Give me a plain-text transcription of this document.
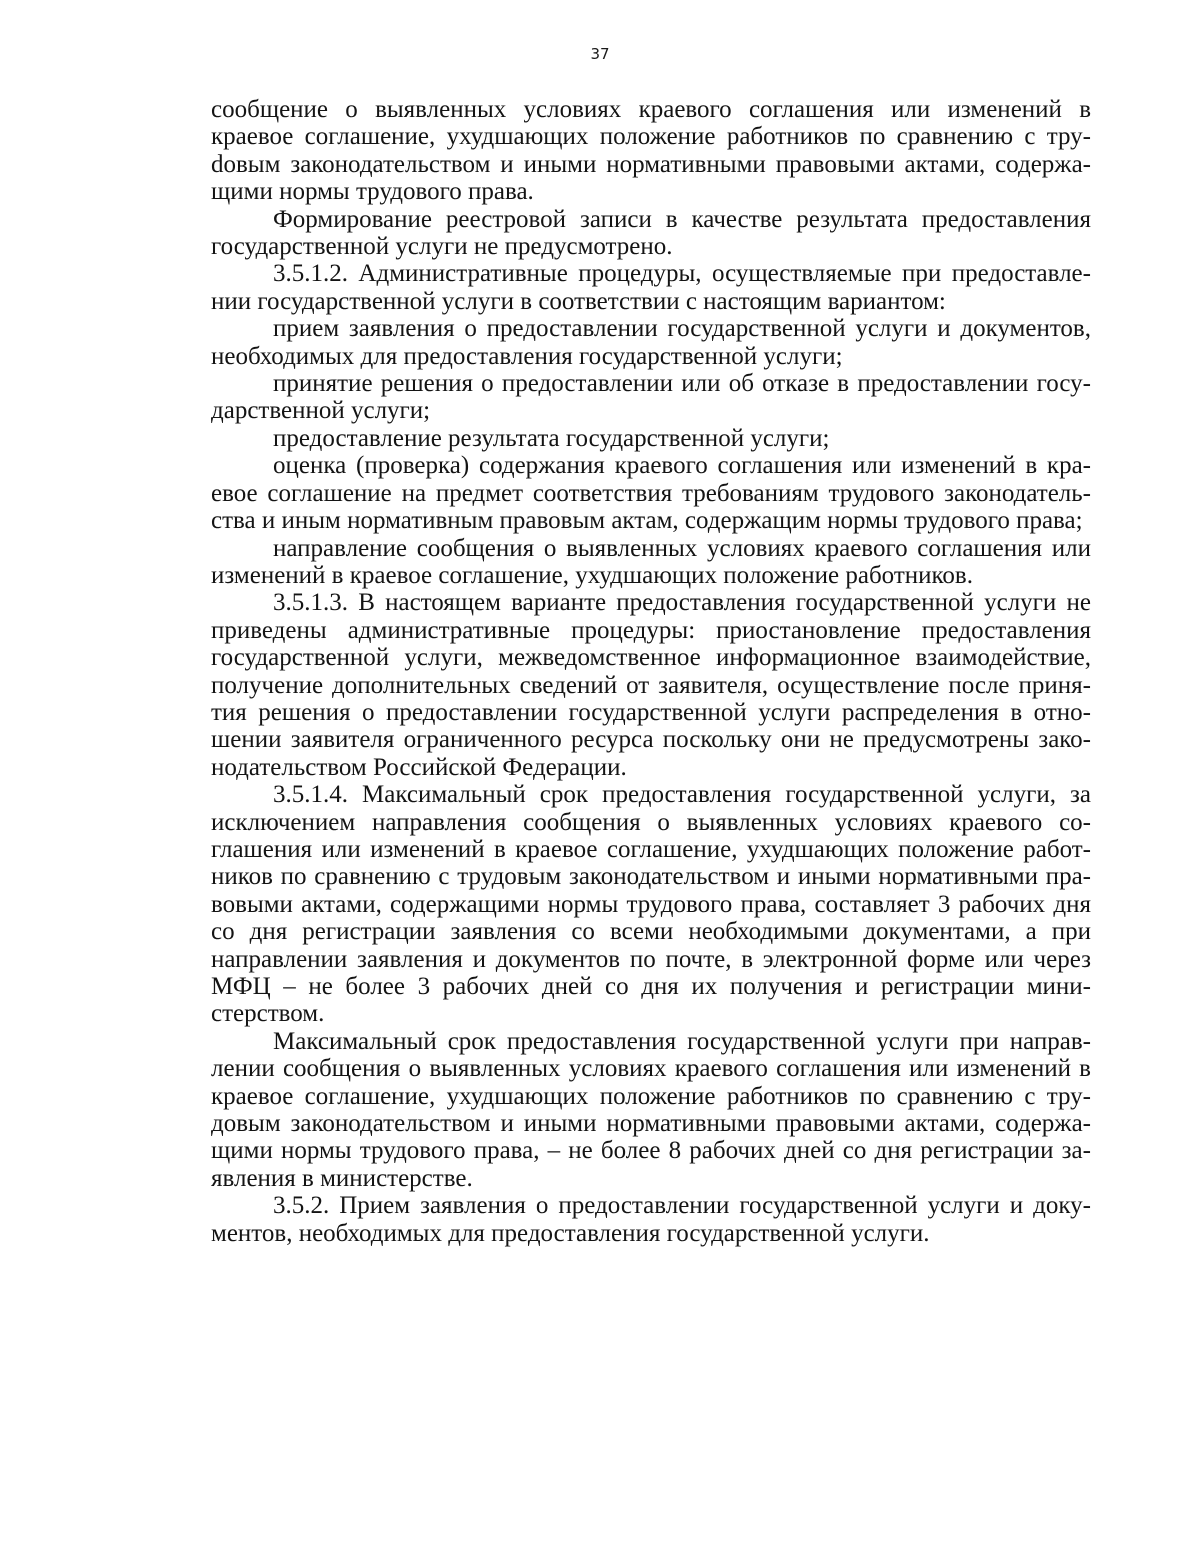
37

сообщение о выявленных условиях краевого соглашения или изменений в краевое соглашение, ухудшающих положение работников по сравнению с труdовым законодательством и иными нормативными правовыми актами, содержащими нормы трудового права.

Формирование реестровой записи в качестве результата предоставления государственной услуги не предусмотрено.

3.5.1.2. Административные процедуры, осуществляемые при предоставлении государственной услуги в соответствии с настоящим вариантом:

прием заявления о предоставлении государственной услуги и документов, необходимых для предоставления государственной услуги;

принятие решения о предоставлении или об отказе в предоставлении государственной услуги;

предоставление результата государственной услуги;

оценка (проверка) содержания краевого соглашения или изменений в краевое соглашение на предмет соответствия требованиям трудового законодательства и иным нормативным правовым актам, содержащим нормы трудового права;

направление сообщения о выявленных условиях краевого соглашения или изменений в краевое соглашение, ухудшающих положение работников.

3.5.1.3. В настоящем варианте предоставления государственной услуги не приведены административные процедуры: приостановление предоставления государственной услуги, межведомственное информационное взаимодействие, получение дополнительных сведений от заявителя, осуществление после принятия решения о предоставлении государственной услуги распределения в отношении заявителя ограниченного ресурса поскольку они не предусмотрены законодательством Российской Федерации.

3.5.1.4. Максимальный срок предоставления государственной услуги, за исключением направления сообщения о выявленных условиях краевого соглашения или изменений в краевое соглашение, ухудшающих положение работников по сравнению с трудовым законодательством и иными нормативными правовыми актами, содержащими нормы трудового права, составляет 3 рабочих дня со дня регистрации заявления со всеми необходимыми документами, а при направлении заявления и документов по почте, в электронной форме или через МФЦ – не более 3 рабочих дней со дня их получения и регистрации министерством.

Максимальный срок предоставления государственной услуги при направлении сообщения о выявленных условиях краевого соглашения или изменений в краевое соглашение, ухудшающих положение работников по сравнению с трудовым законодательством и иными нормативными правовыми актами, содержащими нормы трудового права, – не более 8 рабочих дней со дня регистрации заявления в министерстве.

3.5.2. Прием заявления о предоставлении государственной услуги и документов, необходимых для предоставления государственной услуги.
